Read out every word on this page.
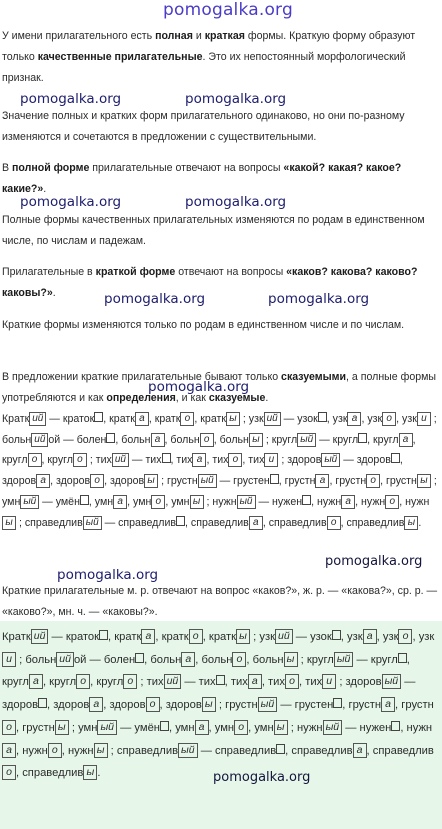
pomogalka.org

У имени прилагательного есть полная и краткая формы. Краткую форму образуют только качественные прилагательные. Это их непостоянный морфологический признак.

Значение полных и кратких форм прилагательного одинаково, но они по-разному изменяются и сочетаются в предложении с существительными.

В полной форме прилагательные отвечают на вопросы «какой? какая? какое? какие?».

Полные формы качественных прилагательных изменяются по родам в единственном числе, по числам и падежам.

Прилагательные в краткой форме отвечают на вопросы «каков? какова? каково? каковы?».

Краткие формы изменяются только по родам в единственном числе и по числам.

В предложении краткие прилагательные бывают только сказуемыми, а полные формы употребляются и как определения, и как сказуемые.

Кратк ий — краток , кратк а , кратк о , кратк ы ; узк ий — узок , узк а , узк о , узк и ; больн ий ой — болен , больн а , больн о , больн ы ; кругл ый — кругл , кругл а , кругл о , кругл о ; тих ий — тих , тих а , тих о , тих и ; здоров ый — здоров , здоров а , здоров о , здоров ы ; грустн ый — грустен , грустн а , грустн о , грустн ы ; умн ый — умён , умн а , умн о , умн ы ; нужн ый — нужен , нужн а , нужн о , нужны ; справедлив ый — справедлив , справедлив а , справедлив о , справедлив ы .

Краткие прилагательные м. р. отвечают на вопрос «каков?», ж. р. — «какова?», ср. р. — «каково?», мн. ч. — «каковы?».

Кратк ий — краток , кратк а , кратк о , кратк ы ; узк ий — узок , узк а , узк о , узки ; больн ий ой — болен , больн а , больн о , больн ы ; кругл ый — кругл , кругл а , кругл о , кругл о ; тих ий — тих , тих а , тих о , тих и ; здоров ый — здоров , здоров а , здоров о , здоров ы ; грустн ый — грустен , грустн а , грустно , грустн ы ; умн ый — умён , умн а , умн о , умн ы ; нужн ый — нужен , нужна , нужн о , нужн ы ; справедлив ый — справедлив , справедлив а , справедливо , справедлив ы .

pomogalka.org	pomogalka.org
pomogalka.org	pomogalka.org
pomogalka.org	pomogalka.org
pomogalka.org
pomogalka.org
pomogalka.org
pomogalka.org
